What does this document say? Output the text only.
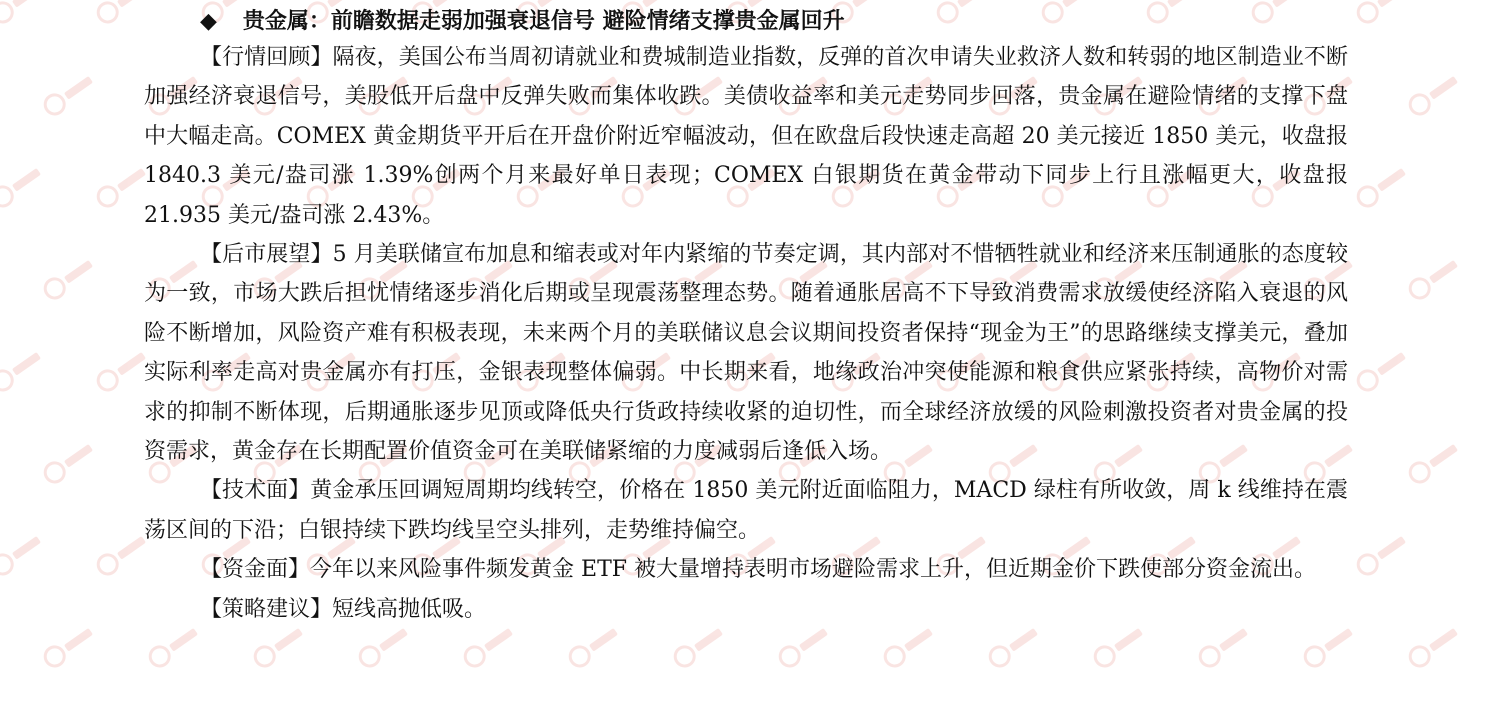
◆ 贵金属：前瞻数据走弱加强衰退信号 避险情绪支撑贵金属回升

【行情回顾】隔夜，美国公布当周初请就业和费城制造业指数，反弹的首次申请失业救济人数和转弱的地区制造业不断加强经济衰退信号，美股低开后盘中反弹失败而集体收跌。美债收益率和美元走势同步回落，贵金属在避险情绪的支撑下盘中大幅走高。COMEX 黄金期货平开后在开盘价附近窄幅波动，但在欧盘后段快速走高超 20 美元接近 1850 美元，收盘报 1840.3 美元/盎司涨 1.39%创两个月来最好单日表现；COMEX 白银期货在黄金带动下同步上行且涨幅更大，收盘报 21.935 美元/盎司涨 2.43%。

【后市展望】5 月美联储宣布加息和缩表或对年内紧缩的节奏定调，其内部对不惜牺牲就业和经济来压制通胀的态度较为一致，市场大跌后担忧情绪逐步消化后期或呈现震荡整理态势。随着通胀居高不下导致消费需求放缓使经济陷入衰退的风险不断增加，风险资产难有积极表现，未来两个月的美联储议息会议期间投资者保持“现金为王”的思路继续支撑美元，叠加实际利率走高对贵金属亦有打压，金银表现整体偏弱。中长期来看，地缘政治冲突使能源和粮食供应紧张持续，高物价对需求的抑制不断体现，后期通胀逐步见顶或降低央行货政持续收紧的迫切性，而全球经济放缓的风险刺激投资者对贵金属的投资需求，黄金存在长期配置价值资金可在美联储紧缩的力度减弱后逢低入场。

【技术面】黄金承压回调短周期均线转空，价格在 1850 美元附近面临阻力，MACD 绿柱有所收敛，周 k 线维持在震荡区间的下沿；白银持续下跌均线呈空头排列，走势维持偏空。

【资金面】今年以来风险事件频发黄金 ETF 被大量增持表明市场避险需求上升，但近期金价下跌使部分资金流出。

【策略建议】短线高抛低吸。
